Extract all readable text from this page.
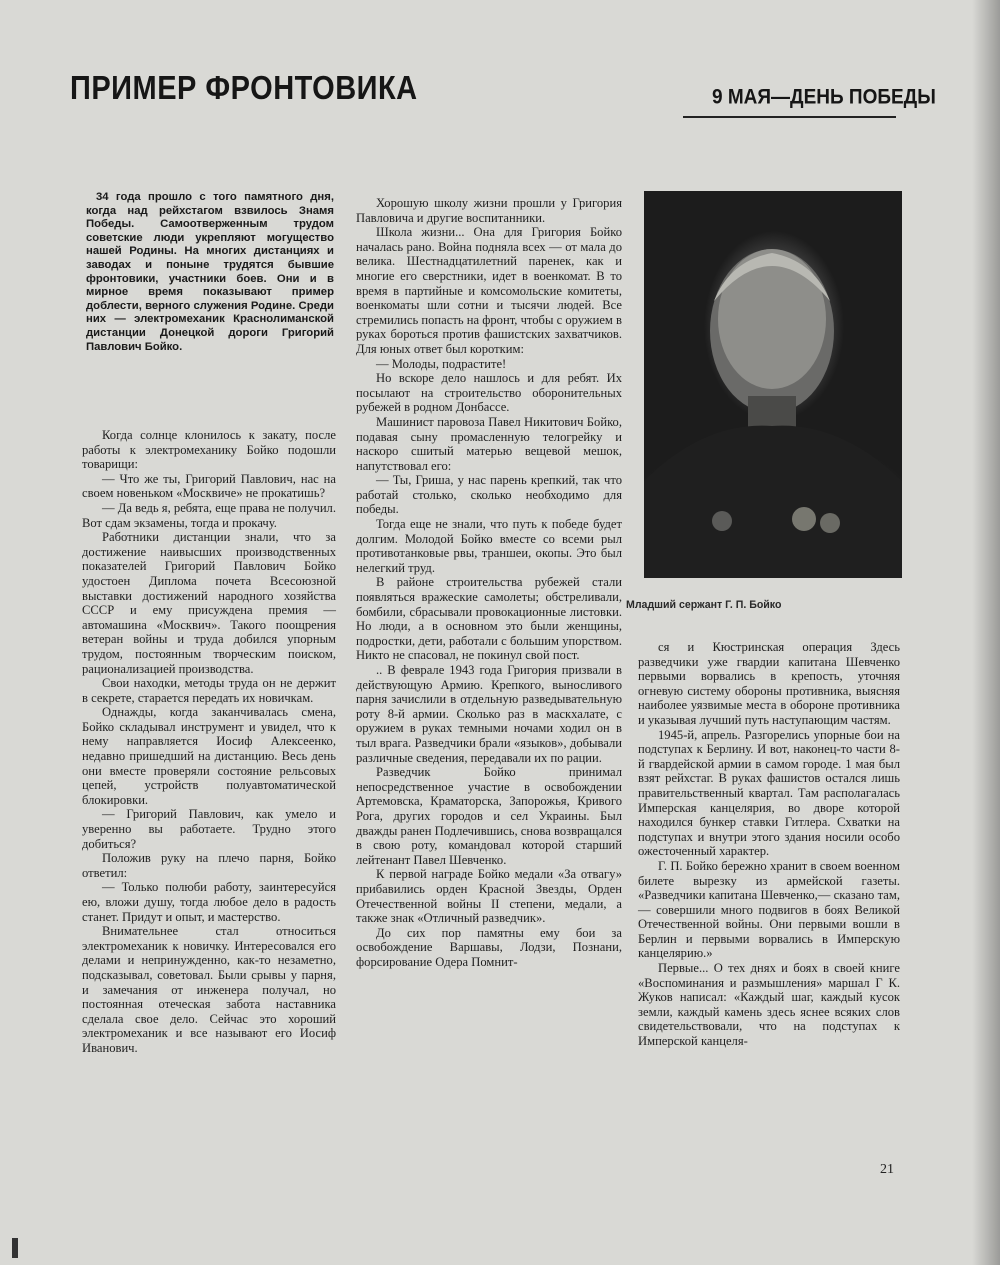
ПРИМЕР ФРОНТОВИКА	9 МАЯ—ДЕНЬ ПОБЕДЫ

34 года прошло с того памятного дня, когда над рейхстагом взвилось Знамя Победы. Самоотверженным трудом советские люди укрепляют могущество нашей Родины. На многих дистанциях и заводах и поныне трудятся бывшие фронтовики, участники боев. Они и в мирное время показывают пример доблести, верного служения Родине. Среди них — электромеханик Краснолиманской дистанции Донецкой дороги Григорий Павлович Бойко.

Когда солнце клонилось к закату, после работы к электромеханику Бойко подошли товарищи:

— Что же ты, Григорий Павлович, нас на своем новеньком «Москвиче» не прокатишь?

— Да ведь я, ребята, еще права не получил. Вот сдам экзамены, тогда и прокачу.

Работники дистанции знали, что за достижение наивысших производственных показателей Григорий Павлович Бойко удостоен Диплома почета Всесоюзной выставки достижений народного хозяйства СССР и ему присуждена премия — автомашина «Москвич». Такого поощрения ветеран войны и труда добился упорным трудом, постоянным творческим поиском, рационализацией производства.

Свои находки, методы труда он не держит в секрете, старается передать их новичкам.

Однажды, когда заканчивалась смена, Бойко складывал инструмент и увидел, что к нему направляется Иосиф Алексеенко, недавно пришедший на дистанцию. Весь день они вместе проверяли состояние рельсовых цепей, устройств полуавтоматической блокировки.

— Григорий Павлович, как умело и уверенно вы работаете. Трудно этого добиться?

Положив руку на плечо парня, Бойко ответил:

— Только полюби работу, заинтересуйся ею, вложи душу, тогда любое дело в радость станет. Придут и опыт, и мастерство.

Внимательнее стал относиться электромеханик к новичку. Интересовался его делами и непринужденно, как-то незаметно, подсказывал, советовал. Были срывы у парня, и замечания от инженера получал, но постоянная отеческая забота наставника сделала свое дело. Сейчас это хороший электромеханик и все называют его Иосиф Иванович.

Хорошую школу жизни прошли у Григория Павловича и другие воспитанники.

Школа жизни... Она для Григория Бойко началась рано. Война подняла всех — от мала до велика. Шестнадцатилетний паренек, как и многие его сверстники, идет в военкомат. В то время в партийные и комсомольские комитеты, военкоматы шли сотни и тысячи людей. Все стремились попасть на фронт, чтобы с оружием в руках бороться против фашистских захватчиков. Для юных ответ был коротким:

— Молоды, подрастите!

Но вскоре дело нашлось и для ребят. Их посылают на строительство оборонительных рубежей в родном Донбассе.

Машинист паровоза Павел Никитович Бойко, подавая сыну промасленную телогрейку и наскоро сшитый матерью вещевой мешок, напутствовал его:

— Ты, Гриша, у нас парень крепкий, так что работай столько, сколько необходимо для победы.

Тогда еще не знали, что путь к победе будет долгим. Молодой Бойко вместе со всеми рыл противотанковые рвы, траншеи, окопы. Это был нелегкий труд.

В районе строительства рубежей стали появляться вражеские самолеты; обстреливали, бомбили, сбрасывали провокационные листовки. Но люди, а в основном это были женщины, подростки, дети, работали с большим упорством. Никто не спасовал, не покинул свой пост.

.. В феврале 1943 года Григория призвали в действующую Армию. Крепкого, выносливого парня зачислили в отдельную разведывательную роту 8-й армии. Сколько раз в маскхалате, с оружием в руках темными ночами ходил он в тыл врага. Разведчики брали «языков», добывали различные сведения, передавали их по рации.

Разведчик Бойко принимал непосредственное участие в освобождении Артемовска, Краматорска, Запорожья, Кривого Рога, других городов и сел Украины. Был дважды ранен Подлечившись, снова возвращался в свою роту, командовал которой старший лейтенант Павел Шевченко.

К первой награде Бойко медали «За отвагу» прибавились орден Красной Звезды, Орден Отечественной войны II степени, медали, а также знак «Отличный разведчик».

До сих пор памятны ему бои за освобождение Варшавы, Лодзи, Познани, форсирование Одера Помнит-

Младший сержант Г. П. Бойко

ся и Кюстринская операция Здесь разведчики уже гвардии капитана Шевченко первыми ворвались в крепость, уточняя огневую систему обороны противника, выясняя наиболее уязвимые места в обороне противника и указывая лучший путь наступающим частям.

1945-й, апрель. Разгорелись упорные бои на подступах к Берлину. И вот, наконец-то части 8-й гвардейской армии в самом городе. 1 мая был взят рейхстаг. В руках фашистов остался лишь правительственный квартал. Там располагалась Имперская канцелярия, во дворе которой находился бункер ставки Гитлера. Схватки на подступах и внутри этого здания носили особо ожесточенный характер.

Г. П. Бойко бережно хранит в своем военном билете вырезку из армейской газеты. «Разведчики капитана Шевченко,— сказано там,— совершили много подвигов в боях Великой Отечественной войны. Они первыми вошли в Берлин и первыми ворвались в Имперскую канцелярию.»

Первые... О тех днях и боях в своей книге «Воспоминания и размышления» маршал Г К. Жуков написал: «Каждый шаг, каждый кусок земли, каждый камень здесь яснее всяких слов свидетельствовали, что на подступах к Имперской канцеля-

21
